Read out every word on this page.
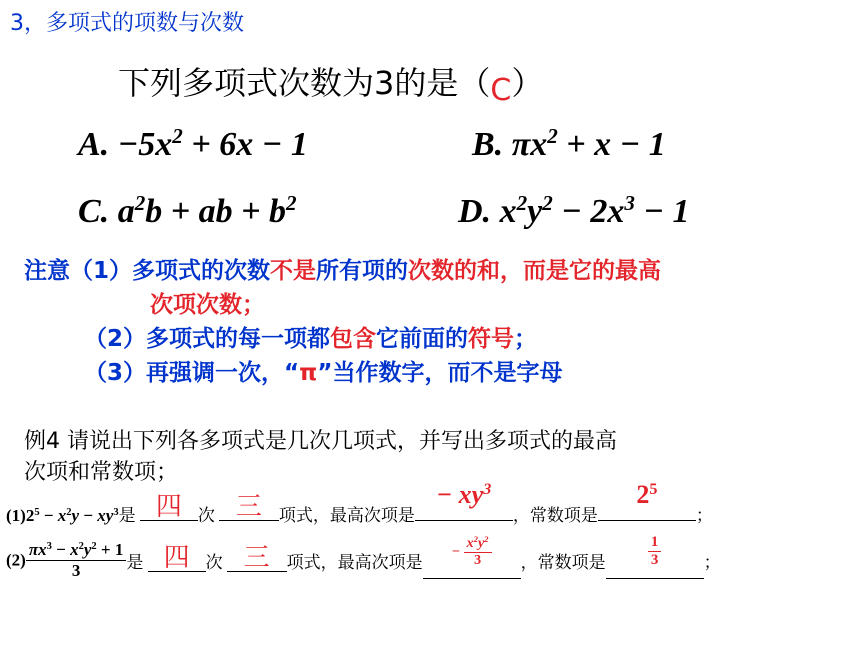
3，多项式的项数与次数
下列多项式次数为3的是（C）
A. $-5x^2 + 6x - 1$	B. $\pi x^2 + x - 1$
C. $a^2b$ + ab + $b^2$	D. $x^2y^2 - 2x^3 - 1$
注意（1）多项式的次数不是所有项的次数的和，而是它的最高
次项次数；
（2）多项式的每一项都包含它前面的符号；
（3）再强调一次，“π”当作数字，而不是字母
例4 请说出下列各多项式是几次几项式，并写出多项式的最高
次项和常数项；
$(1)2^5 - x^2y - xy^3$是 四 次 三	项式，最高次项是
− $xy^3$
，常数项是
$2^5$
；
$(2) \frac{\pi x^3 - x^2y^2 + 1}{3}$ 是 四 次 三	项式，最高次项是
− $\frac{x^2y^2}{3}$ ，常数项是	$\frac{1}{3}$ ；
